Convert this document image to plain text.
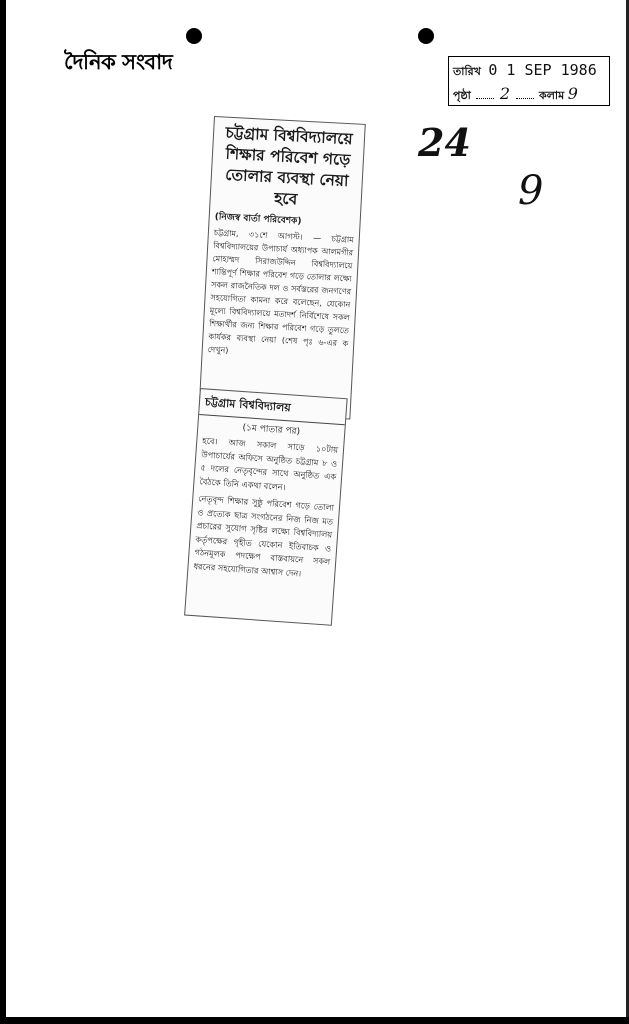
দৈনিক সংবাদ	তারিখ 0 1 SEP 1986
পৃষ্ঠা 2	কলাম 9
24
9
চট্টগ্রাম বিশ্ববিদ্যালয়ে শিক্ষার পরিবেশ গড়ে তোলার ব্যবস্থা নেয়া হবে
(নিজস্ব বার্তা পরিবেশক)
চট্টগ্রাম, ৩১শে আগস্ট। — চট্টগ্রাম বিশ্ববিদ্যালয়ের উপাচার্য অধ্যাপক আলমগীর মোহাম্মদ সিরাজউদ্দিন বিশ্ববিদ্যালয়ে শান্তিপূর্ণ শিক্ষার পরিবেশ গড়ে তোলার লক্ষ্যে সকল রাজনৈতিক দল ও সর্বস্তরের জনগণের সহযোগিতা কামনা করে বলেছেন, যেকোন মূল্যে বিশ্ববিদ্যালয়ে মতাদর্শ নির্বিশেষে সকল শিক্ষার্থীর জন্য শিক্ষার পরিবেশ গড়ে তুলতে কার্যকর ব্যবস্থা নেয়া (শেষ পৃঃ ৬-এর ক দেখুন)
চট্টগ্রাম বিশ্ববিদ্যালয়
(১ম পাতার পর)
হবে। আজ সকাল সাড়ে ১০টায় উপাচার্যের অফিসে অনুষ্ঠিত চট্টগ্রাম ৮ ও ৫ দলের নেতৃবৃন্দের সাথে অনুষ্ঠিত এক বৈঠকে তিনি একথা বলেন।
নেতৃবৃন্দ শিক্ষার সুষ্ঠু পরিবেশ গড়ে তোলা ও প্রত্যেক ছাত্র সংগঠনের নিজ নিজ মত প্রচারের সুযোগ সৃষ্টির লক্ষ্যে বিশ্ববিদ্যালয় কর্তৃপক্ষের গৃহীত যেকোন ইতিবাচক ও গঠনমূলক পদক্ষেপ বাস্তবায়নে সকল ধরনের সহযোগিতার আশ্বাস দেন।
